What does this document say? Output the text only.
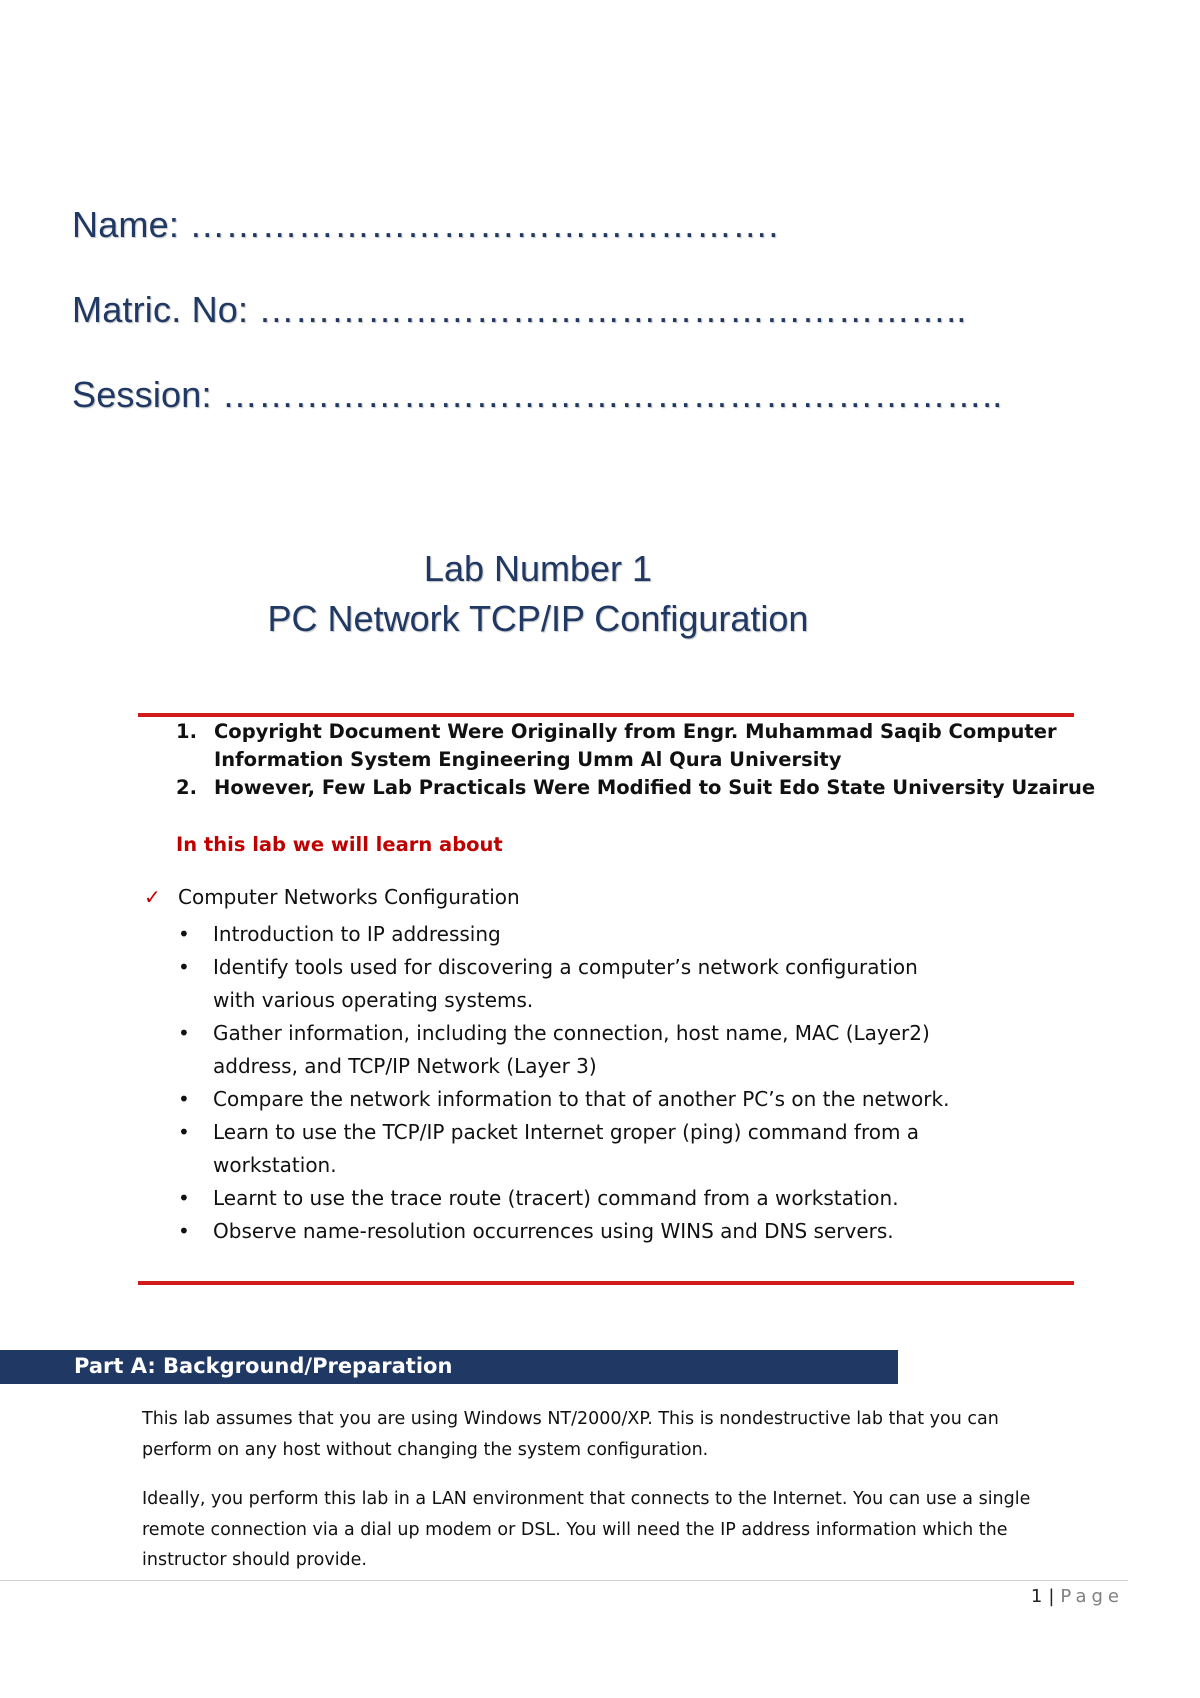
Name: ………………………………………….
Matric. No: …………………………………………………..
Session: ………………………………………………………..
Lab Number 1
PC Network TCP/IP Configuration
1. Copyright Document Were Originally from Engr. Muhammad Saqib Computer Information System Engineering Umm Al Qura University
2. However, Few Lab Practicals Were Modified to Suit Edo State University Uzairue
In this lab we will learn about
✓ Computer Networks Configuration
• Introduction to IP addressing
• Identify tools used for discovering a computer’s network configuration with various operating systems.
• Gather information, including the connection, host name, MAC (Layer2) address, and TCP/IP Network (Layer 3)
• Compare the network information to that of another PC’s on the network.
• Learn to use the TCP/IP packet Internet groper (ping) command from a workstation.
• Learnt to use the trace route (tracert) command from a workstation.
• Observe name-resolution occurrences using WINS and DNS servers.
Part A: Background/Preparation

This lab assumes that you are using Windows NT/2000/XP. This is nondestructive lab that you can perform on any host without changing the system configuration.

Ideally, you perform this lab in a LAN environment that connects to the Internet. You can use a single remote connection via a dial up modem or DSL. You will need the IP address information which the instructor should provide.

1 | Page
